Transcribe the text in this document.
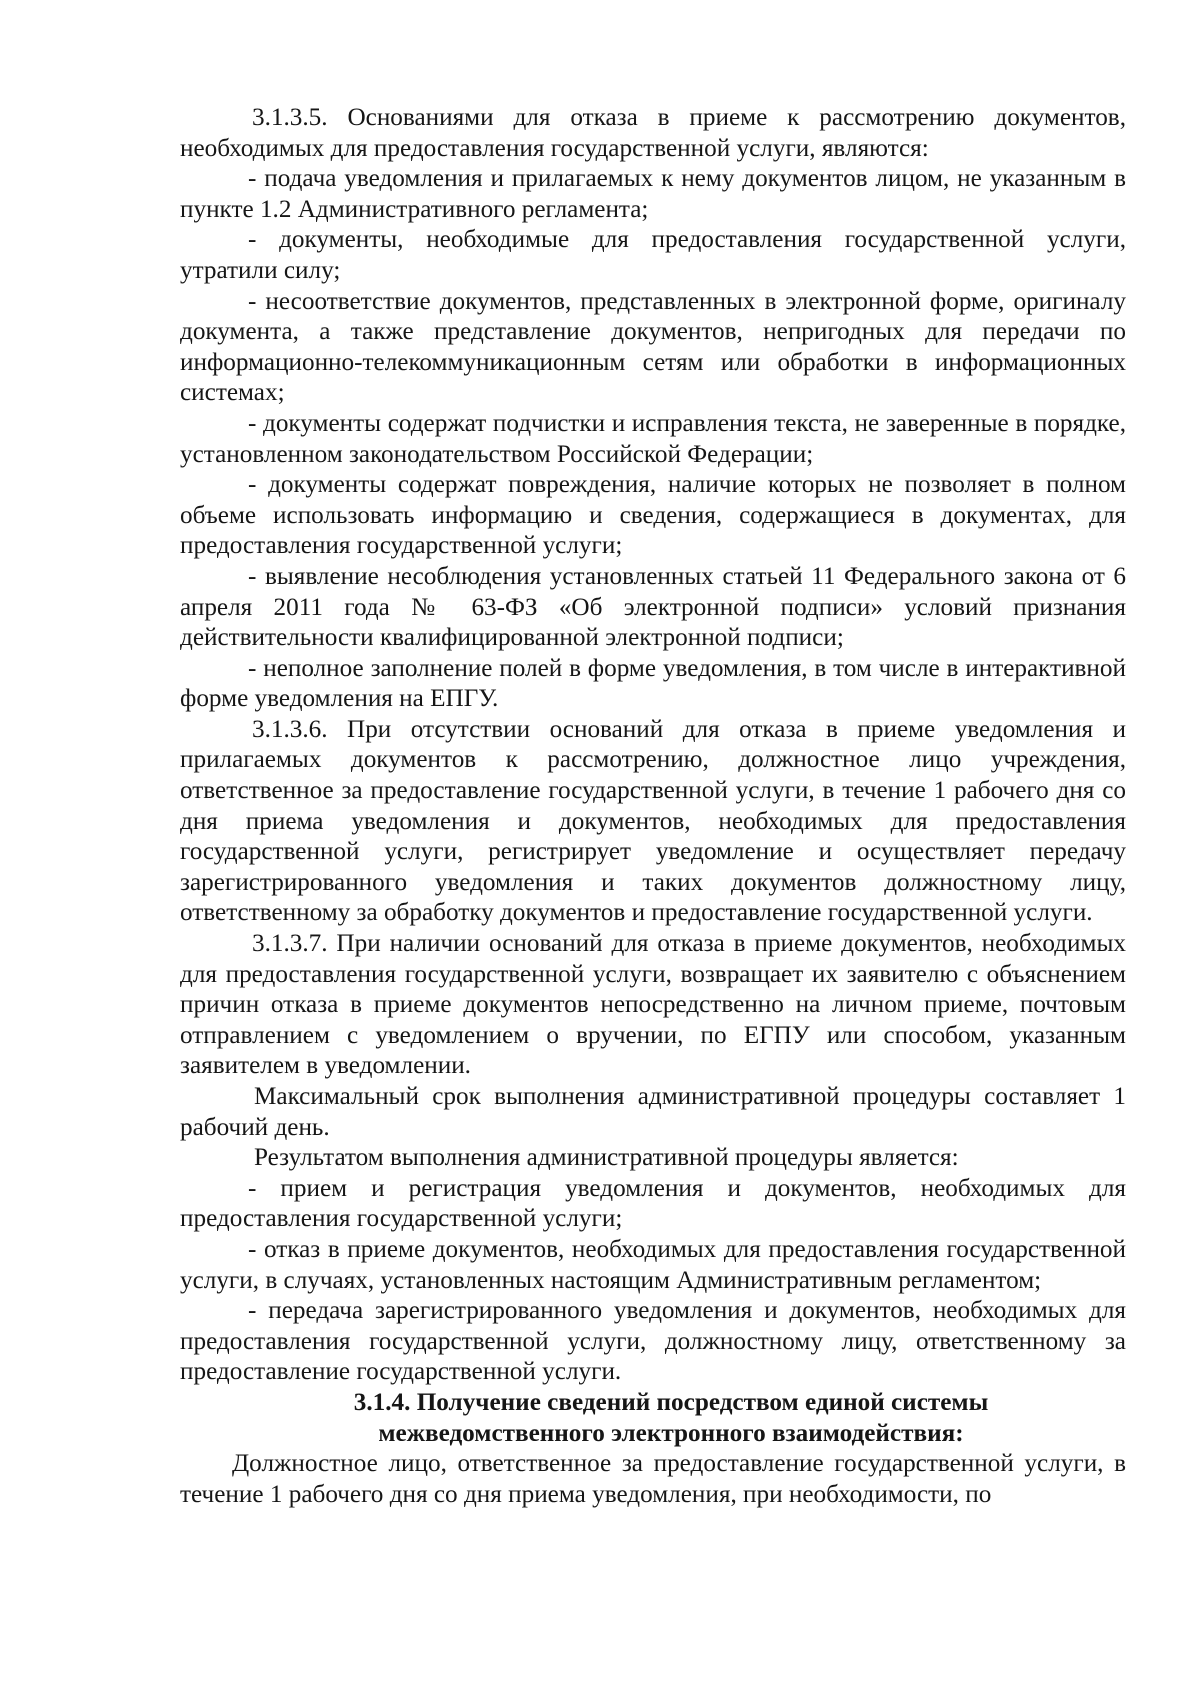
3.1.3.5. Основаниями для отказа в приеме к рассмотрению документов, необходимых для предоставления государственной услуги, являются:

- подача уведомления и прилагаемых к нему документов лицом, не указанным в пункте 1.2 Административного регламента;

- документы, необходимые для предоставления государственной услуги, утратили силу;

- несоответствие документов, представленных в электронной форме, оригиналу документа, а также представление документов, непригодных для передачи по информационно-телекоммуникационным сетям или обработки в информационных системах;

- документы содержат подчистки и исправления текста, не заверенные в порядке, установленном законодательством Российской Федерации;

- документы содержат повреждения, наличие которых не позволяет в полном объеме использовать информацию и сведения, содержащиеся в документах, для предоставления государственной услуги;

- выявление несоблюдения установленных статьей 11 Федерального закона от 6 апреля 2011 года № 63-ФЗ «Об электронной подписи» условий признания действительности квалифицированной электронной подписи;

- неполное заполнение полей в форме уведомления, в том числе в интерактивной форме уведомления на ЕПГУ.

3.1.3.6. При отсутствии оснований для отказа в приеме уведомления и прилагаемых документов к рассмотрению, должностное лицо учреждения, ответственное за предоставление государственной услуги, в течение 1 рабочего дня со дня приема уведомления и документов, необходимых для предоставления государственной услуги, регистрирует уведомление и осуществляет передачу зарегистрированного уведомления и таких документов должностному лицу, ответственному за обработку документов и предоставление государственной услуги.

3.1.3.7. При наличии оснований для отказа в приеме документов, необходимых для предоставления государственной услуги, возвращает их заявителю с объяснением причин отказа в приеме документов непосредственно на личном приеме, почтовым отправлением с уведомлением о вручении, по ЕГПУ или способом, указанным заявителем в уведомлении.

Максимальный срок выполнения административной процедуры составляет 1 рабочий день.

Результатом выполнения административной процедуры является:

- прием и регистрация уведомления и документов, необходимых для предоставления государственной услуги;

- отказ в приеме документов, необходимых для предоставления государственной услуги, в случаях, установленных настоящим Административным регламентом;

- передача зарегистрированного уведомления и документов, необходимых для предоставления государственной услуги, должностному лицу, ответственному за предоставление государственной услуги.

3.1.4. Получение сведений посредством единой системы
межведомственного электронного взаимодействия:

Должностное лицо, ответственное за предоставление государственной услуги, в течение 1 рабочего дня со дня приема уведомления, при необходимости, по
